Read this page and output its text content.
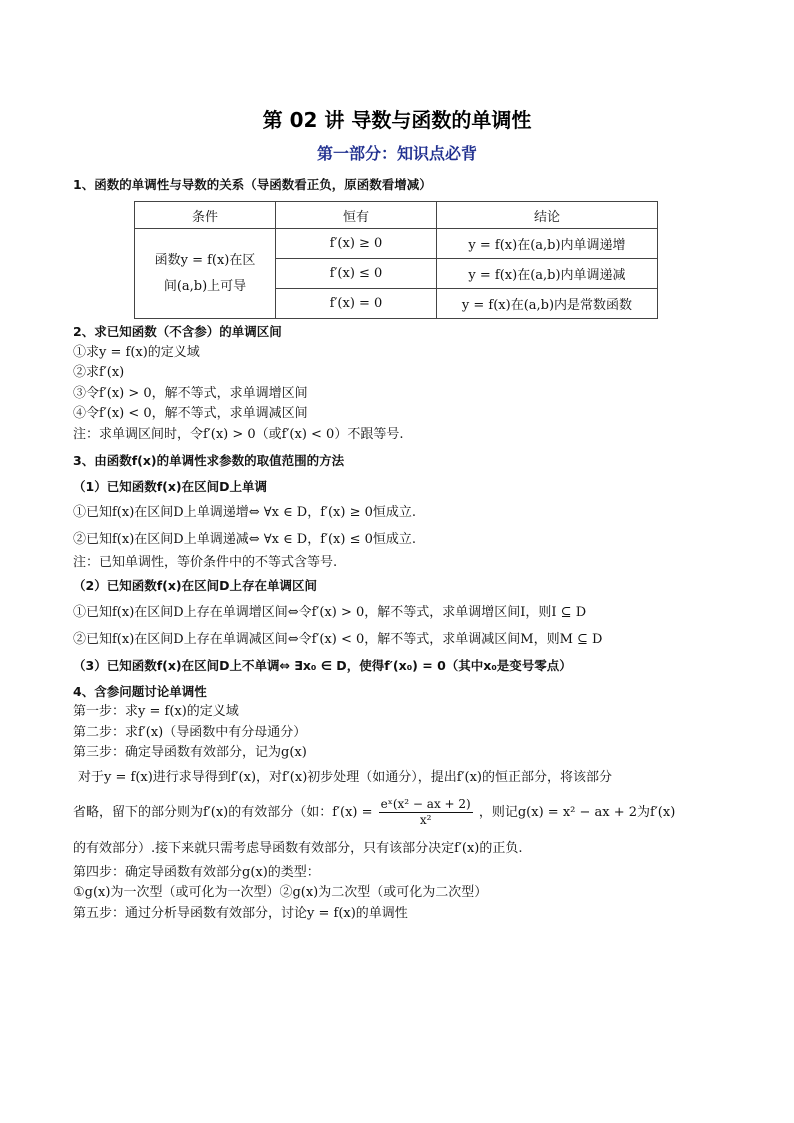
第 02 讲 导数与函数的单调性
第一部分：知识点必背
1、函数的单调性与导数的关系（导函数看正负，原函数看增减）
条件	恒有	结论

函数y = f(x)在区
间(a,b)上可导	f′(x) ≥ 0	y = f(x)在(a,b)内单调递增
	f′(x) ≤ 0	y = f(x)在(a,b)内单调递减
	f′(x) = 0	y = f(x)在(a,b)内是常数函数
2、求已知函数（不含参）的单调区间
①求y = f(x)的定义域
②求f′(x)
③令f′(x) > 0，解不等式，求单调增区间
④令f′(x) < 0，解不等式，求单调减区间
注：求单调区间时，令f′(x) > 0（或f′(x) < 0）不跟等号.
3、由函数f(x)的单调性求参数的取值范围的方法
（1）已知函数f(x)在区间D上单调
①已知f(x)在区间D上单调递增⇔ ∀x ∈ D，f′(x) ≥ 0恒成立.
②已知f(x)在区间D上单调递减⇔ ∀x ∈ D，f′(x) ≤ 0恒成立.
注：已知单调性，等价条件中的不等式含等号.
（2）已知函数f(x)在区间D上存在单调区间
①已知f(x)在区间D上存在单调增区间⇔令f′(x) > 0，解不等式，求单调增区间I，则I ⊆ D
②已知f(x)在区间D上存在单调减区间⇔令f′(x) < 0，解不等式，求单调减区间M，则M ⊆ D
（3）已知函数f(x)在区间D上不单调⇔ ∃x₀ ∈ D，使得f′(x₀) = 0（其中x₀是变号零点）
4、含参问题讨论单调性
第一步：求y = f(x)的定义域
第二步：求f′(x)（导函数中有分母通分）
第三步：确定导函数有效部分，记为g(x)
对于y = f(x)进行求导得到f′(x)，对f′(x)初步处理（如通分），提出f′(x)的恒正部分，将该部分
省略，留下的部分则为f′(x)的有效部分（如：$f'(x) = \frac{\text{eˣ(x² − ax + 2)}}{\text{x²}}$ ，则记g(x) = x² − ax + 2为f′(x)
的有效部分）.接下来就只需考虑导函数有效部分，只有该部分决定f′(x)的正负.
第四步：确定导函数有效部分g(x)的类型：
①g(x)为一次型（或可化为一次型）②g(x)为二次型（或可化为二次型）
第五步：通过分析导函数有效部分，讨论y = f(x)的单调性
